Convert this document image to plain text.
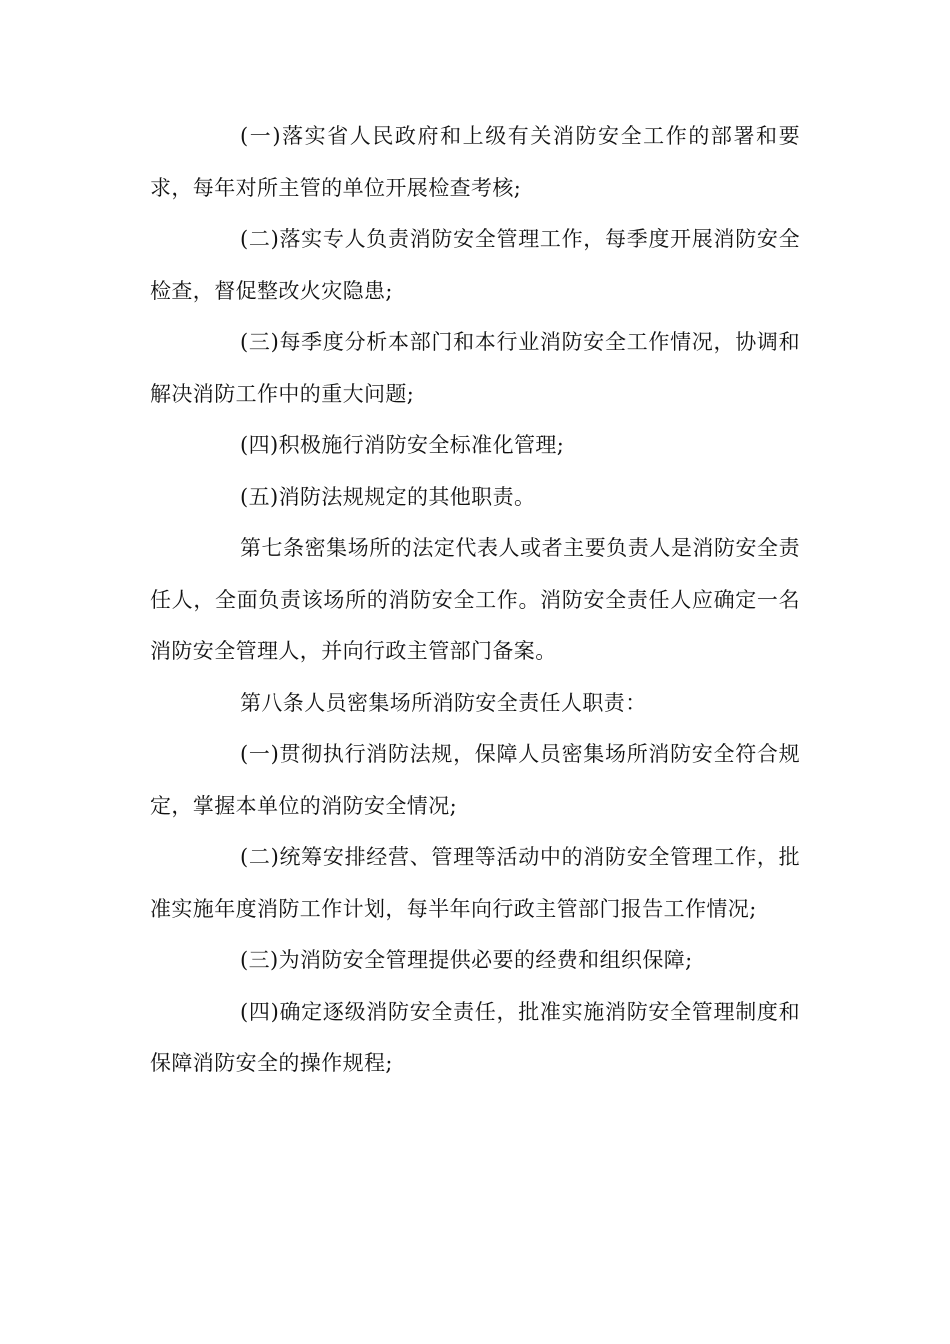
(一)落实省人民政府和上级有关消防安全工作的部署和要求，每年对所主管的单位开展检查考核;

(二)落实专人负责消防安全管理工作，每季度开展消防安全检查，督促整改火灾隐患;

(三)每季度分析本部门和本行业消防安全工作情况，协调和解决消防工作中的重大问题;

(四)积极施行消防安全标准化管理;

(五)消防法规规定的其他职责。

第七条密集场所的法定代表人或者主要负责人是消防安全责任人，全面负责该场所的消防安全工作。消防安全责任人应确定一名消防安全管理人，并向行政主管部门备案。

第八条人员密集场所消防安全责任人职责：

(一)贯彻执行消防法规，保障人员密集场所消防安全符合规定，掌握本单位的消防安全情况;

(二)统筹安排经营、管理等活动中的消防安全管理工作，批准实施年度消防工作计划，每半年向行政主管部门报告工作情况;

(三)为消防安全管理提供必要的经费和组织保障;

(四)确定逐级消防安全责任，批准实施消防安全管理制度和保障消防安全的操作规程;
